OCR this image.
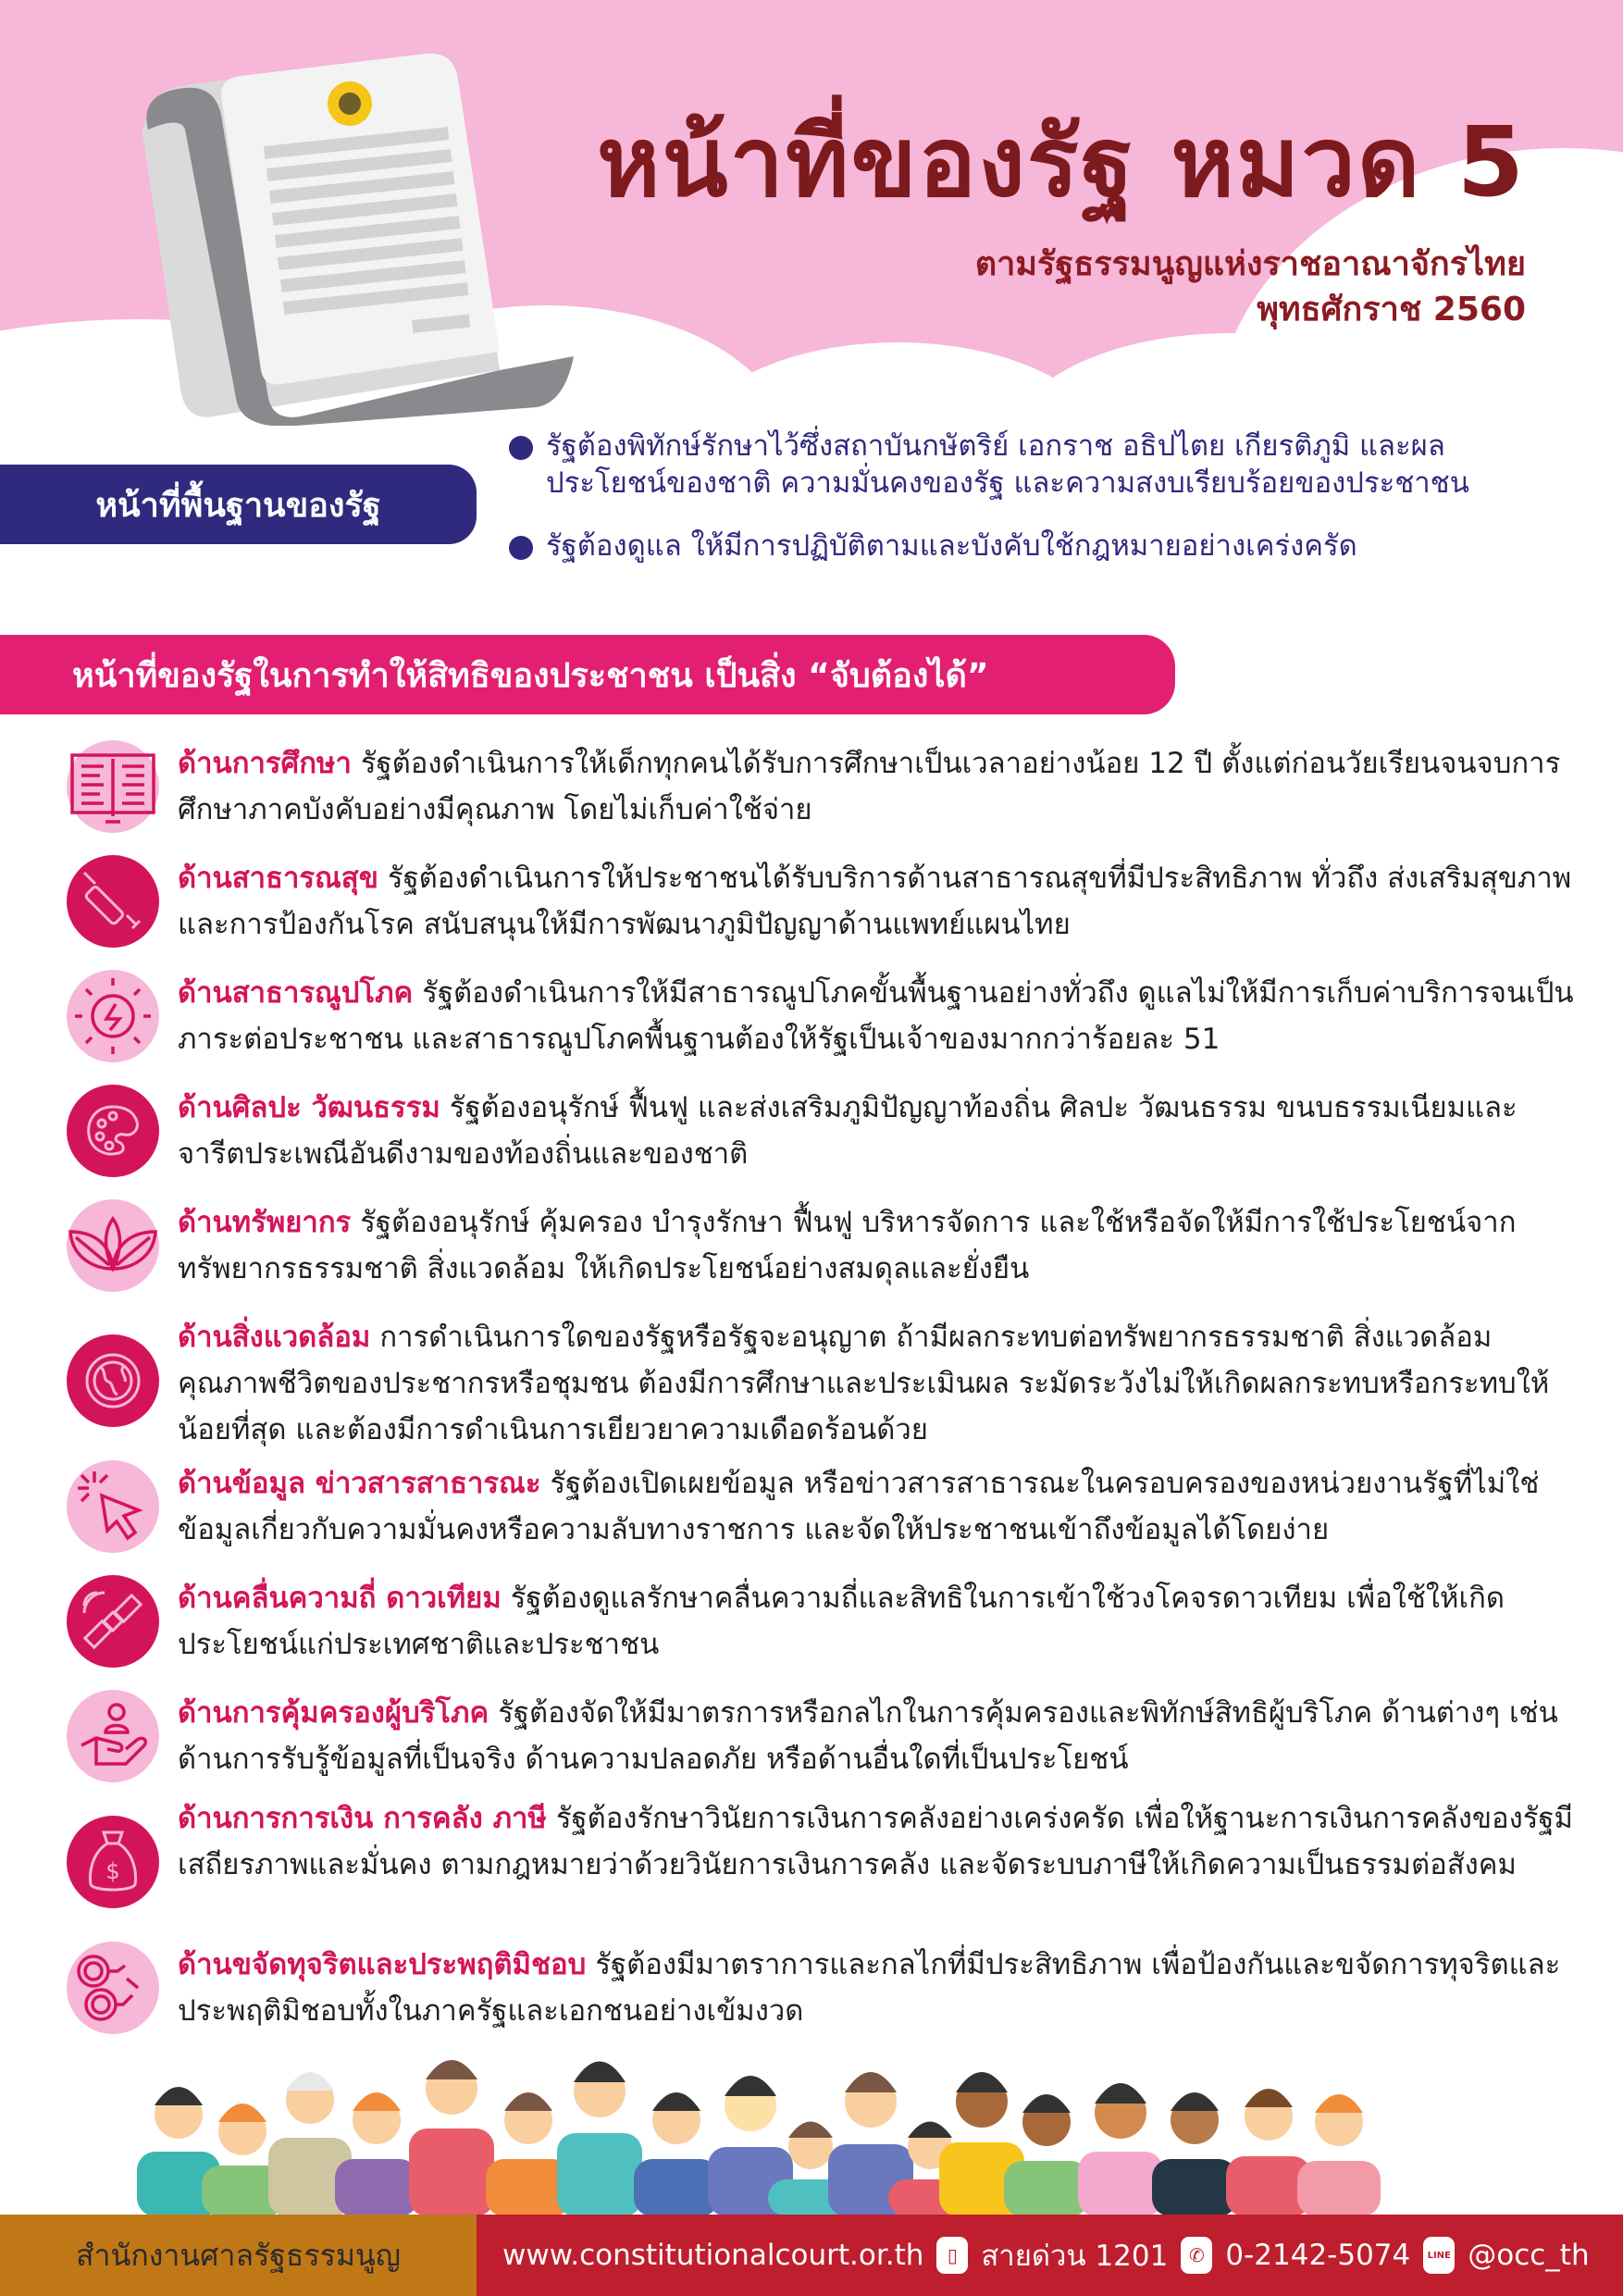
หน้าที่ของรัฐ หมวด 5
ตามรัฐธรรมนูญแห่งราชอาณาจักรไทย
พุทธศักราช 2560
หน้าที่พื้นฐานของรัฐ
รัฐต้องพิทักษ์รักษาไว้ซึ่งสถาบันกษัตริย์ เอกราช อธิปไตย เกียรติภูมิ และผลประโยชน์ของชาติ ความมั่นคงของรัฐ และความสงบเรียบร้อยของประชาชน
รัฐต้องดูแล ให้มีการปฏิบัติตามและบังคับใช้กฎหมายอย่างเคร่งครัด
หน้าที่ของรัฐในการทำให้สิทธิของประชาชน เป็นสิ่ง “จับต้องได้”
ด้านการศึกษา รัฐต้องดำเนินการให้เด็กทุกคนได้รับการศึกษาเป็นเวลาอย่างน้อย 12 ปี ตั้งแต่ก่อนวัยเรียนจนจบการศึกษาภาคบังคับอย่างมีคุณภาพ โดยไม่เก็บค่าใช้จ่าย
ด้านสาธารณสุข รัฐต้องดำเนินการให้ประชาชนได้รับบริการด้านสาธารณสุขที่มีประสิทธิภาพ ทั่วถึง ส่งเสริมสุขภาพและการป้องกันโรค สนับสนุนให้มีการพัฒนาภูมิปัญญาด้านแพทย์แผนไทย
ด้านสาธารณูปโภค รัฐต้องดำเนินการให้มีสาธารณูปโภคขั้นพื้นฐานอย่างทั่วถึง ดูแลไม่ให้มีการเก็บค่าบริการจนเป็นภาระต่อประชาชน และสาธารณูปโภคพื้นฐานต้องให้รัฐเป็นเจ้าของมากกว่าร้อยละ 51
ด้านศิลปะ วัฒนธรรม รัฐต้องอนุรักษ์ ฟื้นฟู และส่งเสริมภูมิปัญญาท้องถิ่น ศิลปะ วัฒนธรรม ขนบธรรมเนียมและจารีตประเพณีอันดีงามของท้องถิ่นและของชาติ
ด้านทรัพยากร รัฐต้องอนุรักษ์ คุ้มครอง บำรุงรักษา ฟื้นฟู บริหารจัดการ และใช้หรือจัดให้มีการใช้ประโยชน์จากทรัพยากรธรรมชาติ สิ่งแวดล้อม ให้เกิดประโยชน์อย่างสมดุลและยั่งยืน
ด้านสิ่งแวดล้อม การดำเนินการใดของรัฐหรือรัฐจะอนุญาต ถ้ามีผลกระทบต่อทรัพยากรธรรมชาติ สิ่งแวดล้อม คุณภาพชีวิตของประชากรหรือชุมชน ต้องมีการศึกษาและประเมินผล ระมัดระวังไม่ให้เกิดผลกระทบหรือกระทบให้น้อยที่สุด และต้องมีการดำเนินการเยียวยาความเดือดร้อนด้วย
ด้านข้อมูล ข่าวสารสาธารณะ รัฐต้องเปิดเผยข้อมูล หรือข่าวสารสาธารณะในครอบครองของหน่วยงานรัฐที่ไม่ใช่ข้อมูลเกี่ยวกับความมั่นคงหรือความลับทางราชการ และจัดให้ประชาชนเข้าถึงข้อมูลได้โดยง่าย
ด้านคลื่นความถี่ ดาวเทียม รัฐต้องดูแลรักษาคลื่นความถี่และสิทธิในการเข้าใช้วงโคจรดาวเทียม เพื่อใช้ให้เกิดประโยชน์แก่ประเทศชาติและประชาชน
ด้านการคุ้มครองผู้บริโภค รัฐต้องจัดให้มีมาตรการหรือกลไกในการคุ้มครองและพิทักษ์สิทธิผู้บริโภค ด้านต่างๆ เช่น ด้านการรับรู้ข้อมูลที่เป็นจริง ด้านความปลอดภัย หรือด้านอื่นใดที่เป็นประโยชน์
$
ด้านการการเงิน การคลัง ภาษี รัฐต้องรักษาวินัยการเงินการคลังอย่างเคร่งครัด เพื่อให้ฐานะการเงินการคลังของรัฐมีเสถียรภาพและมั่นคง ตามกฎหมายว่าด้วยวินัยการเงินการคลัง และจัดระบบภาษีให้เกิดความเป็นธรรมต่อสังคม
ด้านขจัดทุจริตและประพฤติมิชอบ รัฐต้องมีมาตราการและกลไกที่มีประสิทธิภาพ เพื่อป้องกันและขจัดการทุจริตและประพฤติมิชอบทั้งในภาครัฐและเอกชนอย่างเข้มงวด
สำนักงานศาลรัฐธรรมนูญ	www.constitutionalcourt.or.th	▯ สายด่วน 1201	✆ 0-2142-5074	LINE @occ_th
